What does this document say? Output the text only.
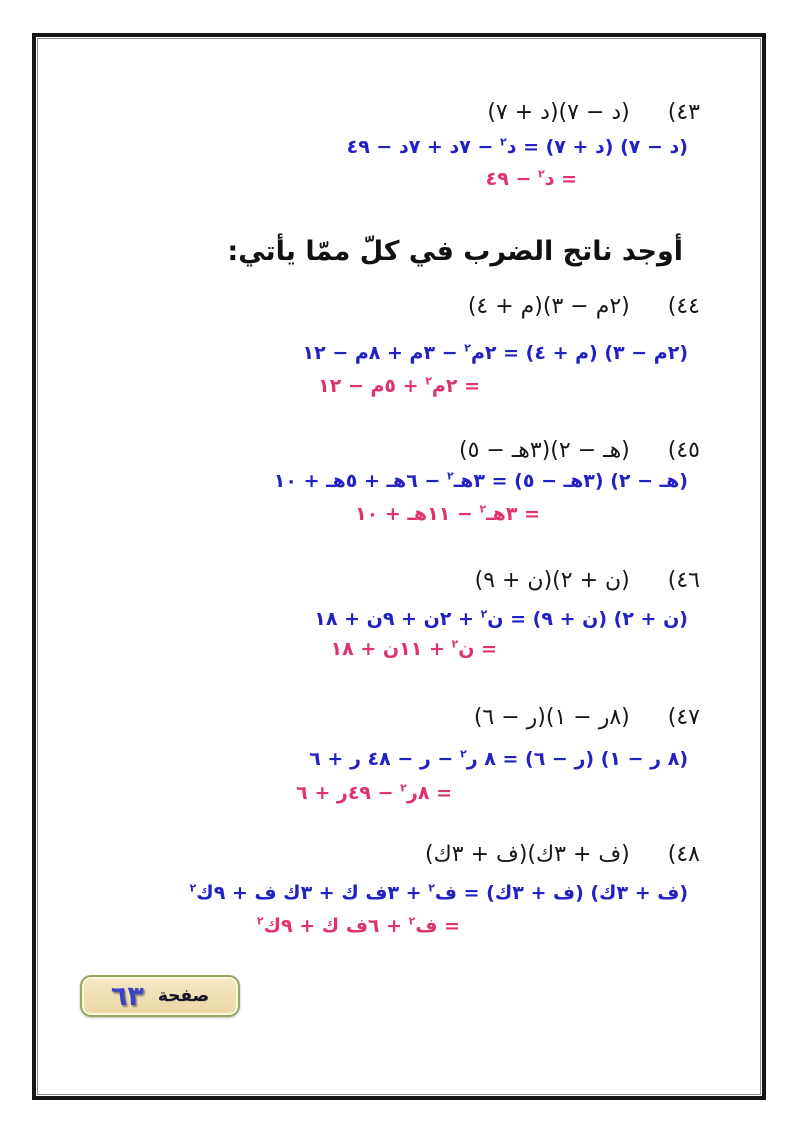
٤٣)(د − ٧)(د + ٧)
(د − ٧) (د + ٧) = د$^٢$ − ٧د + ٧د − ٤٩
= د$^٢$ − ٤٩
أوجد ناتج الضرب في كلّ ممّا يأتي:
٤٤)(٢م − ٣)(م + ٤)
(٢م − ٣) (م + ٤) = ٢م$^٢$ − ٣م + ٨م − ١٢
= ٢م$^٢$ + ٥م − ١٢
٤٥)(هـ − ٢)(٣هـ − ٥)
(هـ − ٢) (٣هـ − ٥) = ٣هـ$^٢$ − ٦هـ + ٥هـ + ١٠
= ٣هـ$^٢$ − ١١هـ + ١٠
٤٦)(ن + ٢)(ن + ٩)
(ن + ٢) (ن + ٩) = ن$^٢$ + ٢ن + ٩ن + ١٨
= ن$^٢$ + ١١ن + ١٨
٤٧)(٨ر − ١)(ر − ٦)
(٨ ر − ١) (ر − ٦) = ٨ ر$^٢$ − ر − ٤٨ ر + ٦
= ٨ر$^٢$ − ٤٩ر + ٦
٤٨)(ف + ٣ك)(ف + ٣ك)
(ف + ٣ك) (ف + ٣ك) = ف$^٢$ + ٣ف ك + ٣ك ف + ٩ك$^٢$
= ف$^٢$ + ٦ف ك + ٩ك$^٢$
صفحة
٦٣
